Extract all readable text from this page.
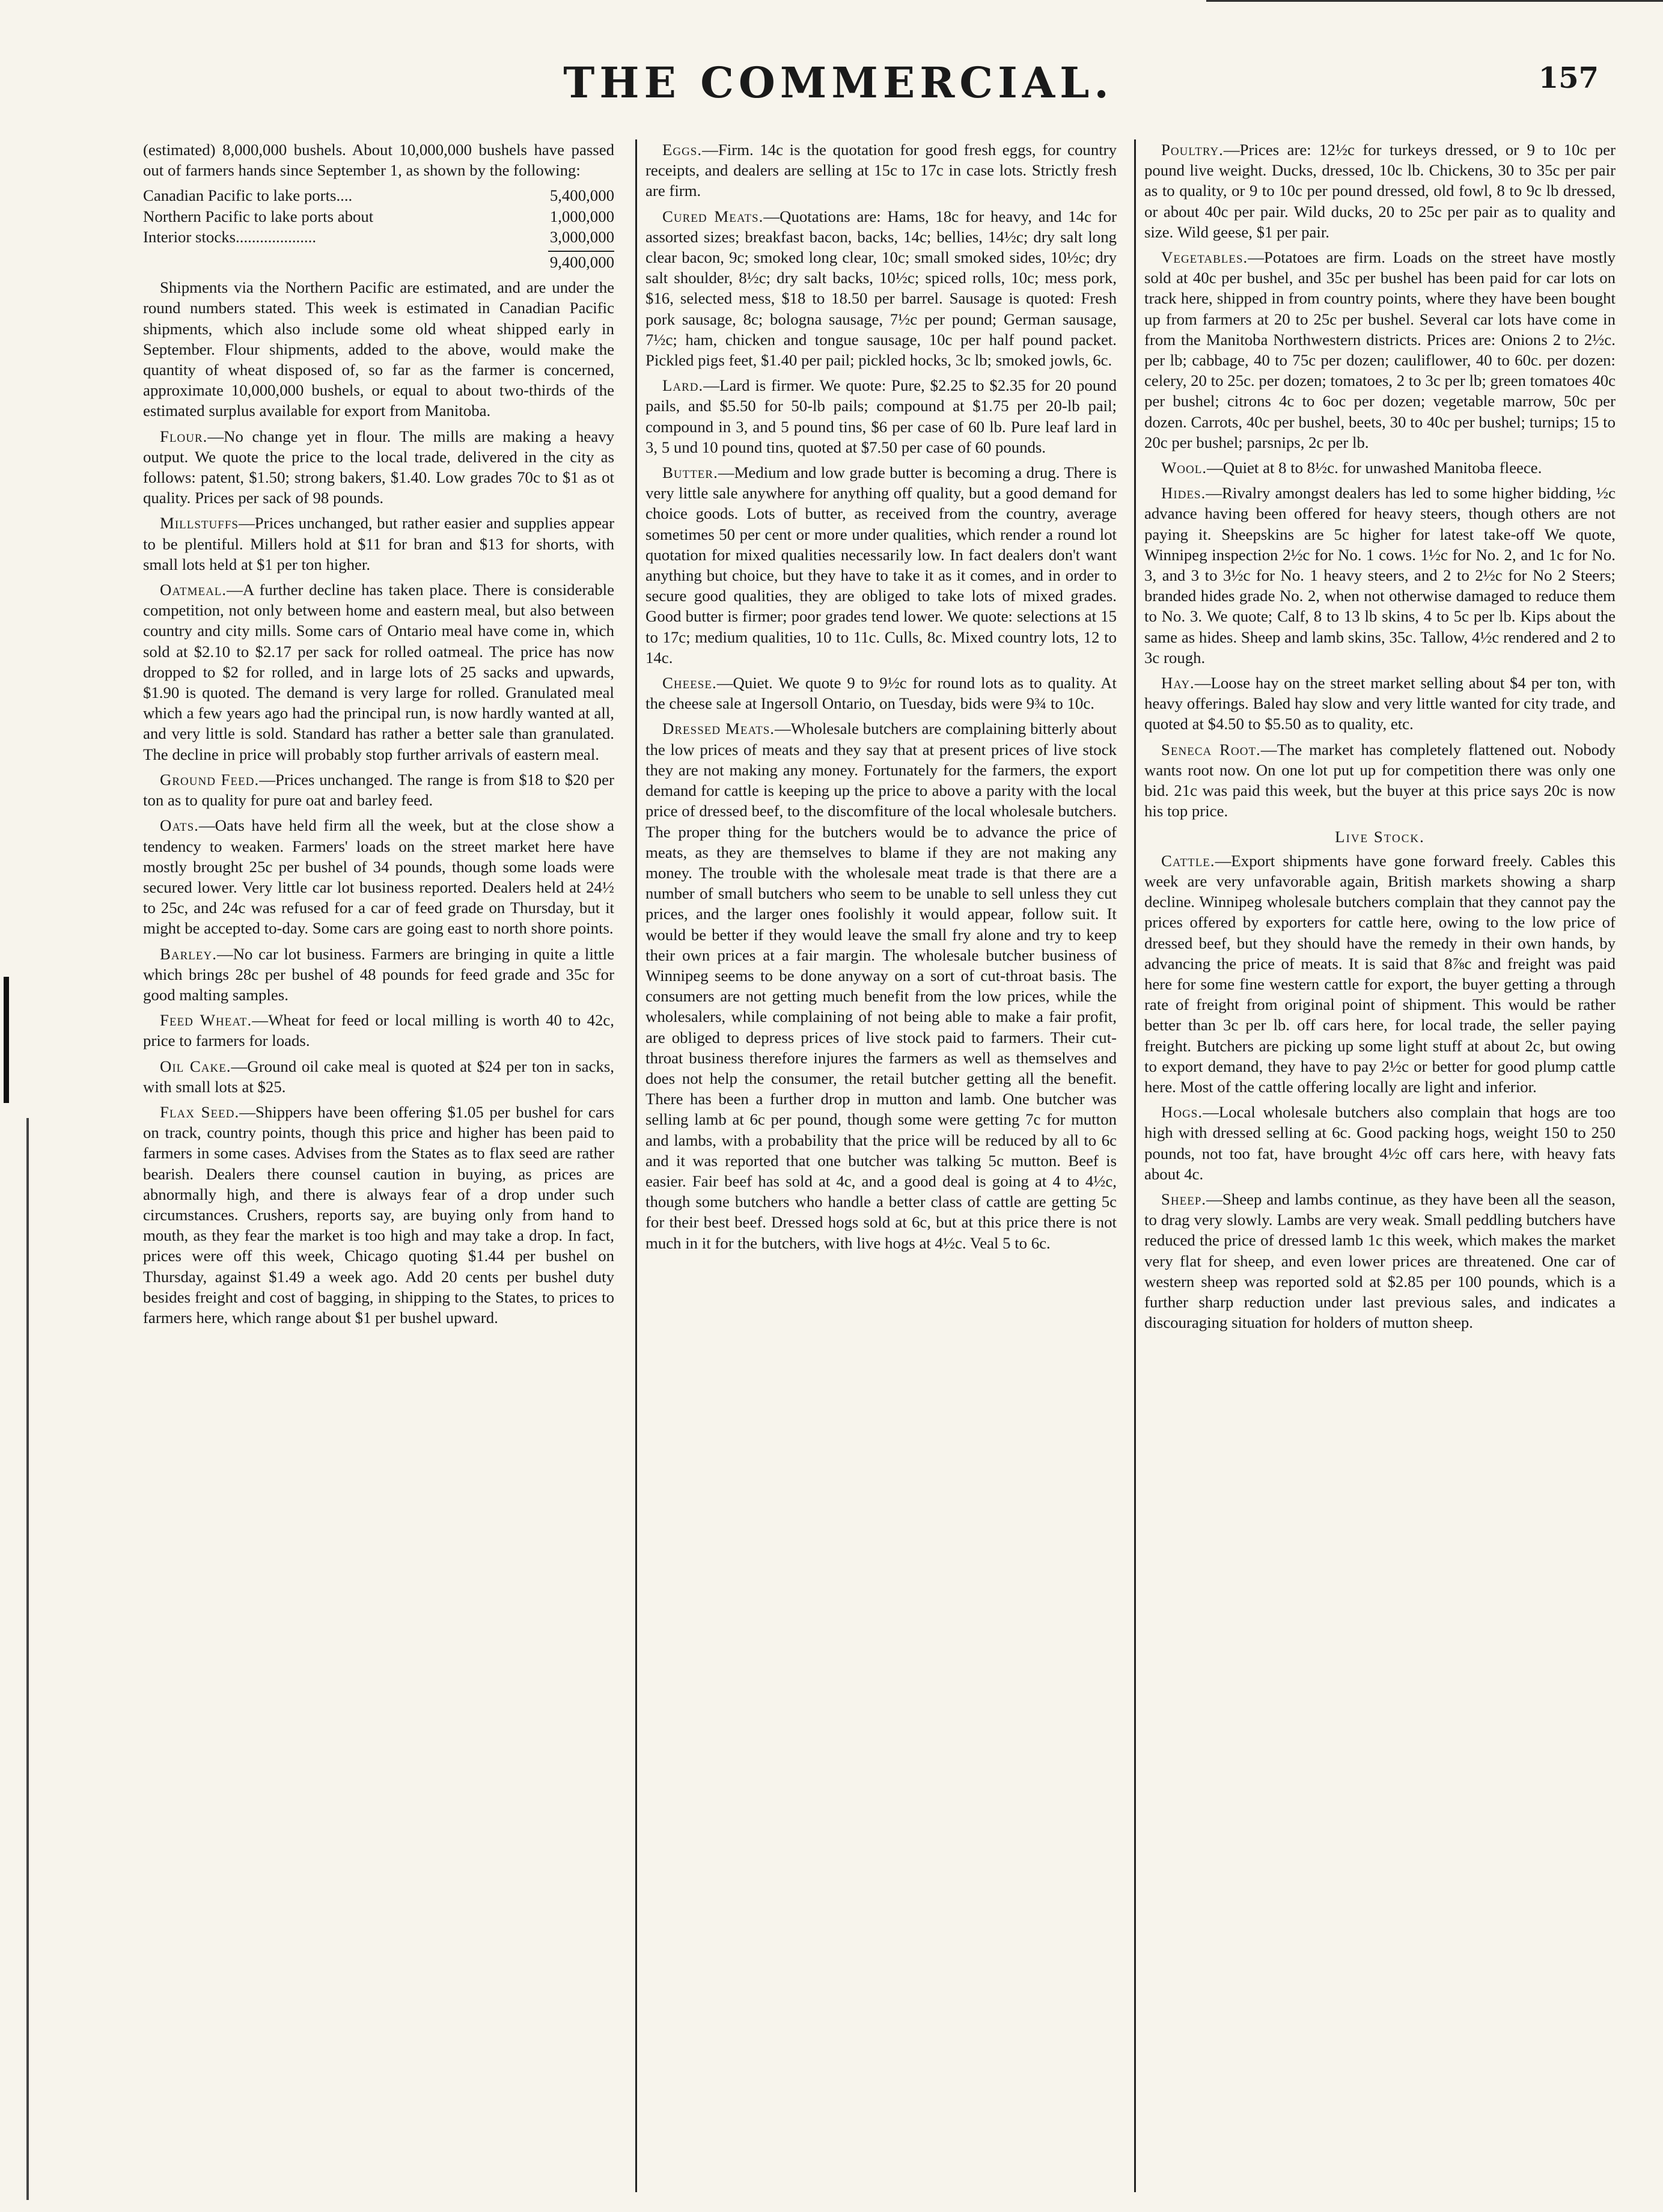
THE COMMERCIAL.	157

(estimated) 8,000,000 bushels. About 10,000,000 bushels have passed out of farmers hands since September 1, as shown by the following:

Canadian Pacific to lake ports....	5,400,000
Northern Pacific to lake ports about	1,000,000
Interior stocks....................	3,000,000
9,400,000

Shipments via the Northern Pacific are estimated, and are under the round numbers stated. This week is estimated in Canadian Pacific shipments, which also include some old wheat shipped early in September. Flour shipments, added to the above, would make the quantity of wheat disposed of, so far as the farmer is concerned, approximate 10,000,000 bushels, or equal to about two-thirds of the estimated surplus available for export from Manitoba.

Flour.—No change yet in flour. The mills are making a heavy output. We quote the price to the local trade, delivered in the city as follows: patent, $1.50; strong bakers, $1.40. Low grades 70c to $1 as ot quality. Prices per sack of 98 pounds.

Millstuffs—Prices unchanged, but rather easier and supplies appear to be plentiful. Millers hold at $11 for bran and $13 for shorts, with small lots held at $1 per ton higher.

Oatmeal.—A further decline has taken place. There is considerable competition, not only between home and eastern meal, but also between country and city mills. Some cars of Ontario meal have come in, which sold at $2.10 to $2.17 per sack for rolled oatmeal. The price has now dropped to $2 for rolled, and in large lots of 25 sacks and upwards, $1.90 is quoted. The demand is very large for rolled. Granulated meal which a few years ago had the principal run, is now hardly wanted at all, and very little is sold. Standard has rather a better sale than granulated. The decline in price will probably stop further arrivals of eastern meal.

Ground Feed.—Prices unchanged. The range is from $18 to $20 per ton as to quality for pure oat and barley feed.

Oats.—Oats have held firm all the week, but at the close show a tendency to weaken. Farmers' loads on the street market here have mostly brought 25c per bushel of 34 pounds, though some loads were secured lower. Very little car lot business reported. Dealers held at 24½ to 25c, and 24c was refused for a car of feed grade on Thursday, but it might be accepted to-day. Some cars are going east to north shore points.

Barley.—No car lot business. Farmers are bringing in quite a little which brings 28c per bushel of 48 pounds for feed grade and 35c for good malting samples.

Feed Wheat.—Wheat for feed or local milling is worth 40 to 42c, price to farmers for loads.

Oil Cake.—Ground oil cake meal is quoted at $24 per ton in sacks, with small lots at $25.

Flax Seed.—Shippers have been offering $1.05 per bushel for cars on track, country points, though this price and higher has been paid to farmers in some cases. Advises from the States as to flax seed are rather bearish. Dealers there counsel caution in buying, as prices are abnormally high, and there is always fear of a drop under such circumstances. Crushers, reports say, are buying only from hand to mouth, as they fear the market is too high and may take a drop. In fact, prices were off this week, Chicago quoting $1.44 per bushel on Thursday, against $1.49 a week ago. Add 20 cents per bushel duty besides freight and cost of bagging, in shipping to the States, to prices to farmers here, which range about $1 per bushel upward.

Eggs.—Firm. 14c is the quotation for good fresh eggs, for country receipts, and dealers are selling at 15c to 17c in case lots. Strictly fresh are firm.

Cured Meats.—Quotations are: Hams, 18c for heavy, and 14c for assorted sizes; breakfast bacon, backs, 14c; bellies, 14½c; dry salt long clear bacon, 9c; smoked long clear, 10c; small smoked sides, 10½c; dry salt shoulder, 8½c; dry salt backs, 10½c; spiced rolls, 10c; mess pork, $16, selected mess, $18 to 18.50 per barrel. Sausage is quoted: Fresh pork sausage, 8c; bologna sausage, 7½c per pound; German sausage, 7½c; ham, chicken and tongue sausage, 10c per half pound packet. Pickled pigs feet, $1.40 per pail; pickled hocks, 3c lb; smoked jowls, 6c.

Lard.—Lard is firmer. We quote: Pure, $2.25 to $2.35 for 20 pound pails, and $5.50 for 50-lb pails; compound at $1.75 per 20-lb pail; compound in 3, and 5 pound tins, $6 per case of 60 lb. Pure leaf lard in 3, 5 und 10 pound tins, quoted at $7.50 per case of 60 pounds.

Butter.—Medium and low grade butter is becoming a drug. There is very little sale anywhere for anything off quality, but a good demand for choice goods. Lots of butter, as received from the country, average sometimes 50 per cent or more under qualities, which render a round lot quotation for mixed qualities necessarily low. In fact dealers don't want anything but choice, but they have to take it as it comes, and in order to secure good qualities, they are obliged to take lots of mixed grades. Good butter is firmer; poor grades tend lower. We quote: selections at 15 to 17c; medium qualities, 10 to 11c. Culls, 8c. Mixed country lots, 12 to 14c.

Cheese.—Quiet. We quote 9 to 9½c for round lots as to quality. At the cheese sale at Ingersoll Ontario, on Tuesday, bids were 9¾ to 10c.

Dressed Meats.—Wholesale butchers are complaining bitterly about the low prices of meats and they say that at present prices of live stock they are not making any money. Fortunately for the farmers, the export demand for cattle is keeping up the price to above a parity with the local price of dressed beef, to the discomfiture of the local wholesale butchers. The proper thing for the butchers would be to advance the price of meats, as they are themselves to blame if they are not making any money. The trouble with the wholesale meat trade is that there are a number of small butchers who seem to be unable to sell unless they cut prices, and the larger ones foolishly it would appear, follow suit. It would be better if they would leave the small fry alone and try to keep their own prices at a fair margin. The wholesale butcher business of Winnipeg seems to be done anyway on a sort of cut-throat basis. The consumers are not getting much benefit from the low prices, while the wholesalers, while complaining of not being able to make a fair profit, are obliged to depress prices of live stock paid to farmers. Their cut-throat business therefore injures the farmers as well as themselves and does not help the consumer, the retail butcher getting all the benefit. There has been a further drop in mutton and lamb. One butcher was selling lamb at 6c per pound, though some were getting 7c for mutton and lambs, with a probability that the price will be reduced by all to 6c and it was reported that one butcher was talking 5c mutton. Beef is easier. Fair beef has sold at 4c, and a good deal is going at 4 to 4½c, though some butchers who handle a better class of cattle are getting 5c for their best beef. Dressed hogs sold at 6c, but at this price there is not much in it for the butchers, with live hogs at 4½c. Veal 5 to 6c.

Poultry.—Prices are: 12½c for turkeys dressed, or 9 to 10c per pound live weight. Ducks, dressed, 10c lb. Chickens, 30 to 35c per pair as to quality, or 9 to 10c per pound dressed, old fowl, 8 to 9c lb dressed, or about 40c per pair. Wild ducks, 20 to 25c per pair as to quality and size. Wild geese, $1 per pair.

Vegetables.—Potatoes are firm. Loads on the street have mostly sold at 40c per bushel, and 35c per bushel has been paid for car lots on track here, shipped in from country points, where they have been bought up from farmers at 20 to 25c per bushel. Several car lots have come in from the Manitoba Northwestern districts. Prices are: Onions 2 to 2½c. per lb; cabbage, 40 to 75c per dozen; cauliflower, 40 to 60c. per dozen: celery, 20 to 25c. per dozen; tomatoes, 2 to 3c per lb; green tomatoes 40c per bushel; citrons 4c to 6oc per dozen; vegetable marrow, 50c per dozen. Carrots, 40c per bushel, beets, 30 to 40c per bushel; turnips; 15 to 20c per bushel; parsnips, 2c per lb.

Wool.—Quiet at 8 to 8½c. for unwashed Manitoba fleece.

Hides.—Rivalry amongst dealers has led to some higher bidding, ½c advance having been offered for heavy steers, though others are not paying it. Sheepskins are 5c higher for latest take-off We quote, Winnipeg inspection 2½c for No. 1 cows. 1½c for No. 2, and 1c for No. 3, and 3 to 3½c for No. 1 heavy steers, and 2 to 2½c for No 2 Steers; branded hides grade No. 2, when not otherwise damaged to reduce them to No. 3. We quote; Calf, 8 to 13 lb skins, 4 to 5c per lb. Kips about the same as hides. Sheep and lamb skins, 35c. Tallow, 4½c rendered and 2 to 3c rough.

Hay.—Loose hay on the street market selling about $4 per ton, with heavy offerings. Baled hay slow and very little wanted for city trade, and quoted at $4.50 to $5.50 as to quality, etc.

Seneca Root.—The market has completely flattened out. Nobody wants root now. On one lot put up for competition there was only one bid. 21c was paid this week, but the buyer at this price says 20c is now his top price.

Live Stock.

Cattle.—Export shipments have gone forward freely. Cables this week are very unfavorable again, British markets showing a sharp decline. Winnipeg wholesale butchers complain that they cannot pay the prices offered by exporters for cattle here, owing to the low price of dressed beef, but they should have the remedy in their own hands, by advancing the price of meats. It is said that 8⅞c and freight was paid here for some fine western cattle for export, the buyer getting a through rate of freight from original point of shipment. This would be rather better than 3c per lb. off cars here, for local trade, the seller paying freight. Butchers are picking up some light stuff at about 2c, but owing to export demand, they have to pay 2½c or better for good plump cattle here. Most of the cattle offering locally are light and inferior.

Hogs.—Local wholesale butchers also complain that hogs are too high with dressed selling at 6c. Good packing hogs, weight 150 to 250 pounds, not too fat, have brought 4½c off cars here, with heavy fats about 4c.

Sheep.—Sheep and lambs continue, as they have been all the season, to drag very slowly. Lambs are very weak. Small peddling butchers have reduced the price of dressed lamb 1c this week, which makes the market very flat for sheep, and even lower prices are threatened. One car of western sheep was reported sold at $2.85 per 100 pounds, which is a further sharp reduction under last previous sales, and indicates a discouraging situation for holders of mutton sheep.
